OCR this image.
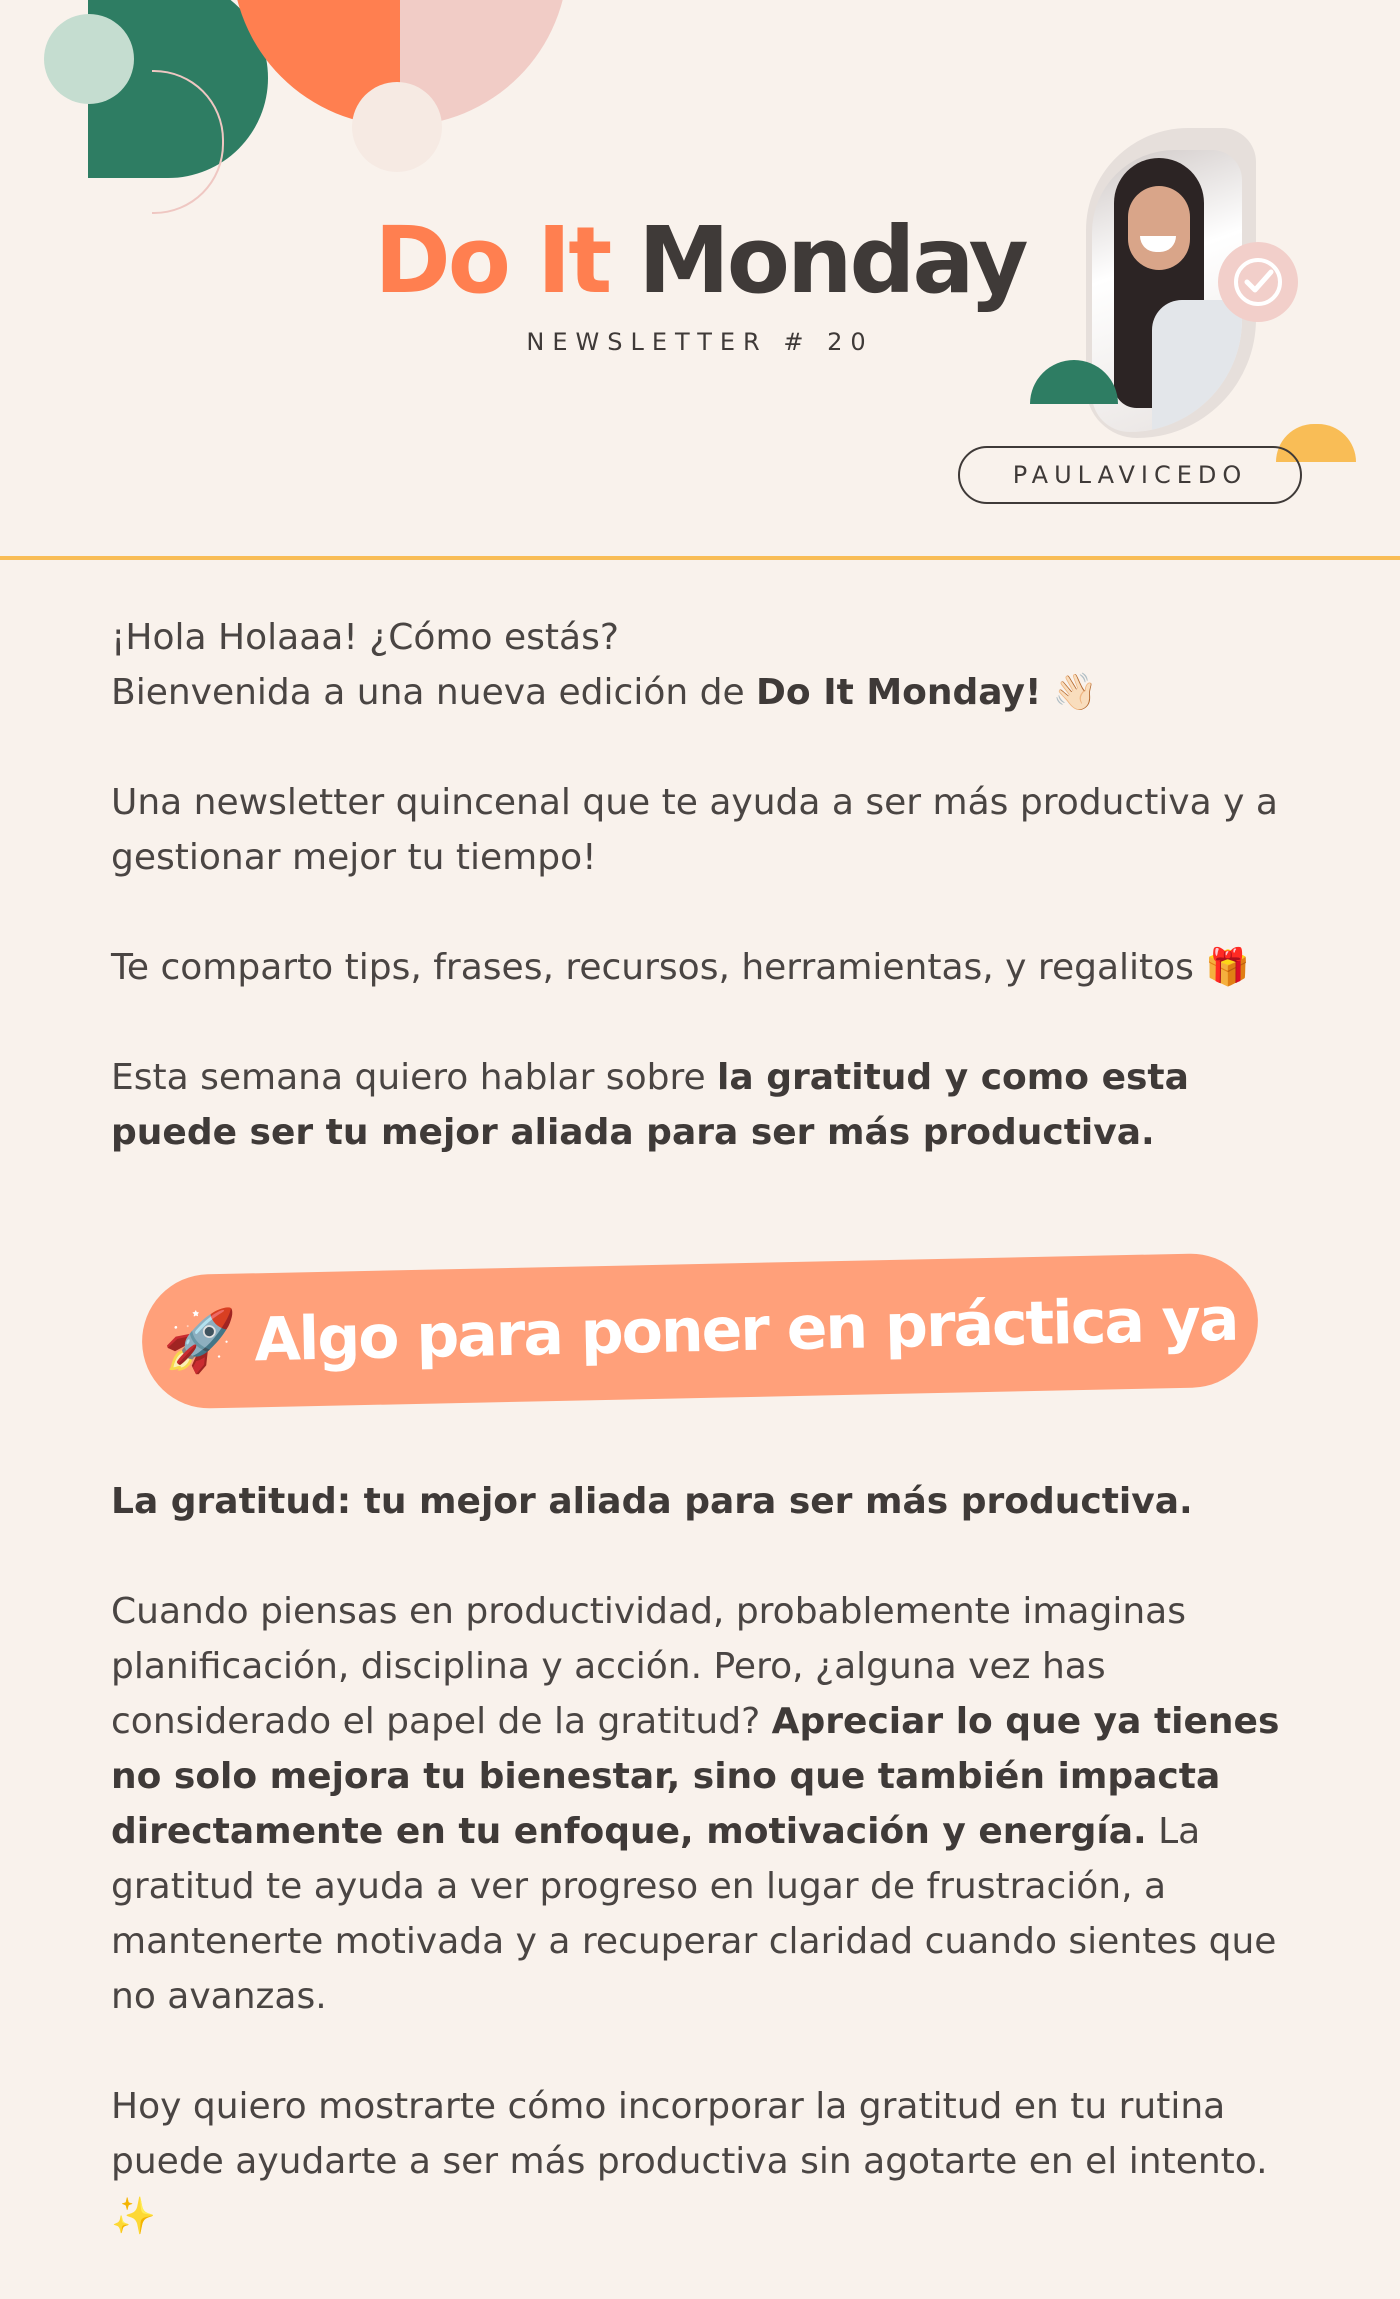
Do It Monday
NEWSLETTER # 20
PAULAVICEDO

¡Hola Holaaa! ¿Cómo estás?
Bienvenida a una nueva edición de Do It Monday! 👋🏻

Una newsletter quincenal que te ayuda a ser más productiva y a gestionar mejor tu tiempo!

Te comparto tips, frases, recursos, herramientas, y regalitos 🎁

Esta semana quiero hablar sobre la gratitud y como esta puede ser tu mejor aliada para ser más productiva.

🚀 Algo para poner en práctica ya

La gratitud: tu mejor aliada para ser más productiva.

Cuando piensas en productividad, probablemente imaginas planificación, disciplina y acción. Pero, ¿alguna vez has considerado el papel de la gratitud? Apreciar lo que ya tienes no solo mejora tu bienestar, sino que también impacta directamente en tu enfoque, motivación y energía. La gratitud te ayuda a ver progreso en lugar de frustración, a mantenerte motivada y a recuperar claridad cuando sientes que no avanzas.

Hoy quiero mostrarte cómo incorporar la gratitud en tu rutina puede ayudarte a ser más productiva sin agotarte en el intento. ✨
